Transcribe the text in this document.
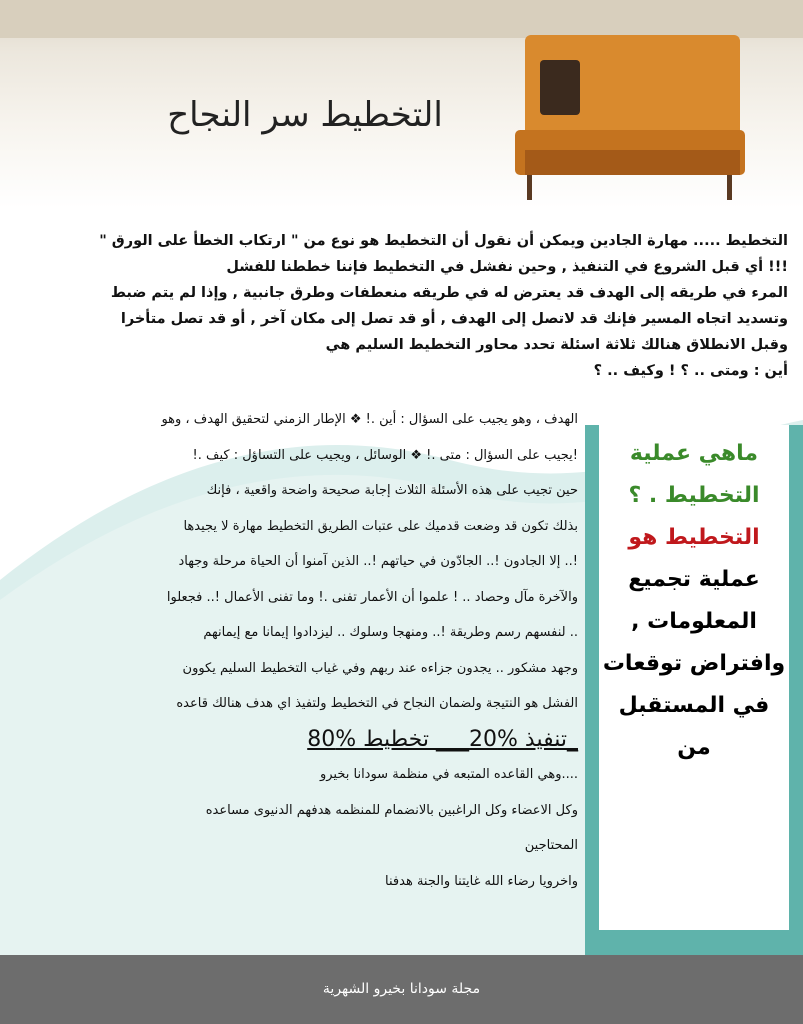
التخطيط سر النجاح
التخطيط ..... مهارة الجادين ويمكن أن نقول أن التخطيط هو نوع من " ارتكاب الخطأ على الورق "
!!! أي قبل الشروع في التنفيذ , وحين نفشل في التخطيط فإننا خططنا للفشل
المرء في طريقه إلى الهدف قد يعترض له في طريقه منعطفات وطرق جانبية , وإذا لم يتم ضبط
وتسديد اتجاه المسير فإنك قد لاتصل إلى الهدف , أو قد تصل إلى مكان آخر , أو قد تصل متأخرا
وقبل الانطلاق هنالك ثلاثة اسئلة تحدد محاور التخطيط السليم هي
أين : ومتى .. ؟ ! وكيف .. ؟
الهدف ، وهو يجيب على السؤال : أين .! ❖ الإطار الزمني لتحقيق الهدف ، وهو
!يجيب على السؤال : متى .! ❖ الوسائل ، ويجيب على التساؤل : كيف .!
حين تجيب على هذه الأسئلة الثلاث إجابة صحيحة واضحة واقعية ، فإنك
بذلك تكون قد وضعت قدميك على عتبات الطريق التخطيط مهارة لا يجيدها
!.. إلا الجادون !.. الجادّون في حياتهم !.. الذين آمنوا أن الحياة مرحلة وجهاد
والآخرة مآل وحصاد .. ! علموا أن الأعمار تفنى .! وما تفنى الأعمال !.. فجعلوا
.. لنفسهم رسم وطريقة !.. ومنهجا وسلوك .. ليزدادوا إيمانا مع إيمانهم
وجهد مشكور .. يجدون جزاءه عند ربهم وفي غياب التخطيط السليم يكوون
الفشل هو النتيجة ولضمان النجاح في التخطيط ولتفيذ اي هدف هنالك قاعده
_تنفيذ %20___ تخطيط %80
....وهي القاعده المتبعه في منظمة سودانا بخيرو
وكل الاعضاء وكل الراغبين بالانضمام للمنظمه هدفهم الدنيوى مساعده
المحتاجين
واخرويا رضاء الله غايتنا والجنة هدفنا
ماهي عملية التخطيط . ؟
التخطيط هو
عملية تجميع المعلومات , وافتراض توقعات في المستقبل من
مجلة سودانا بخيرو الشهرية
